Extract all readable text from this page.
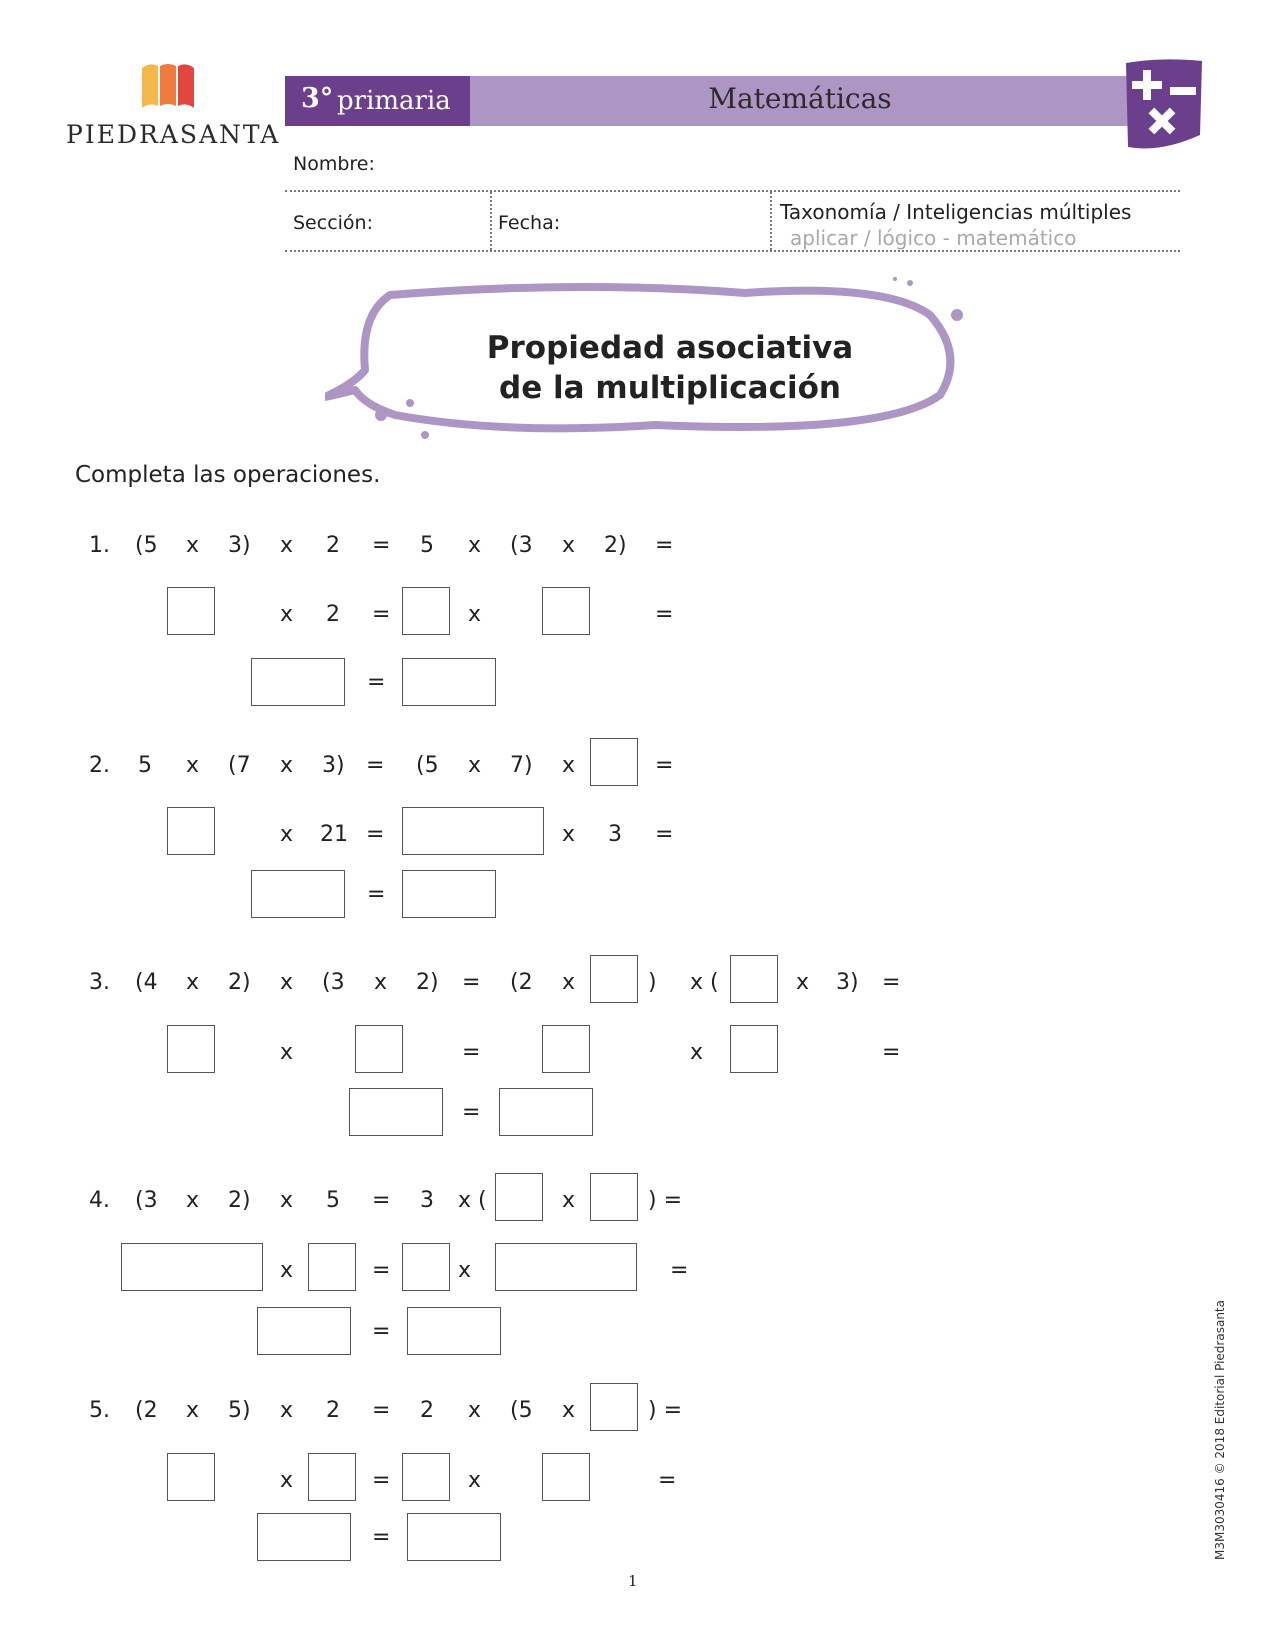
PIEDRASANTA
3° primaria	Matemáticas
Nombre:
Sección:	Fecha:	Taxonomía / Inteligencias múltiples
aplicar / lógico - matemático
Propiedad asociativa
de la multiplicación
Completa las operaciones.
1. (5 x 3) x 2 = 5 x (3 x 2) =
x 2 =	x	=
=
2. 5 x (7 x 3) = (5 x 7) x	=
x 21 =	x 3 =
=
3. (4 x 2) x (3 x 2) = (2 x	) x (	x 3) =
x	=	x	=
=
4. (3 x 2) x 5 = 3 x (	x	) =
x	=	x	=
=
5. (2 x 5) x 2 = 2 x (5 x	) =
x	=	x	=
=
1
M3M3030416 © 2018 Editorial Piedrasanta
